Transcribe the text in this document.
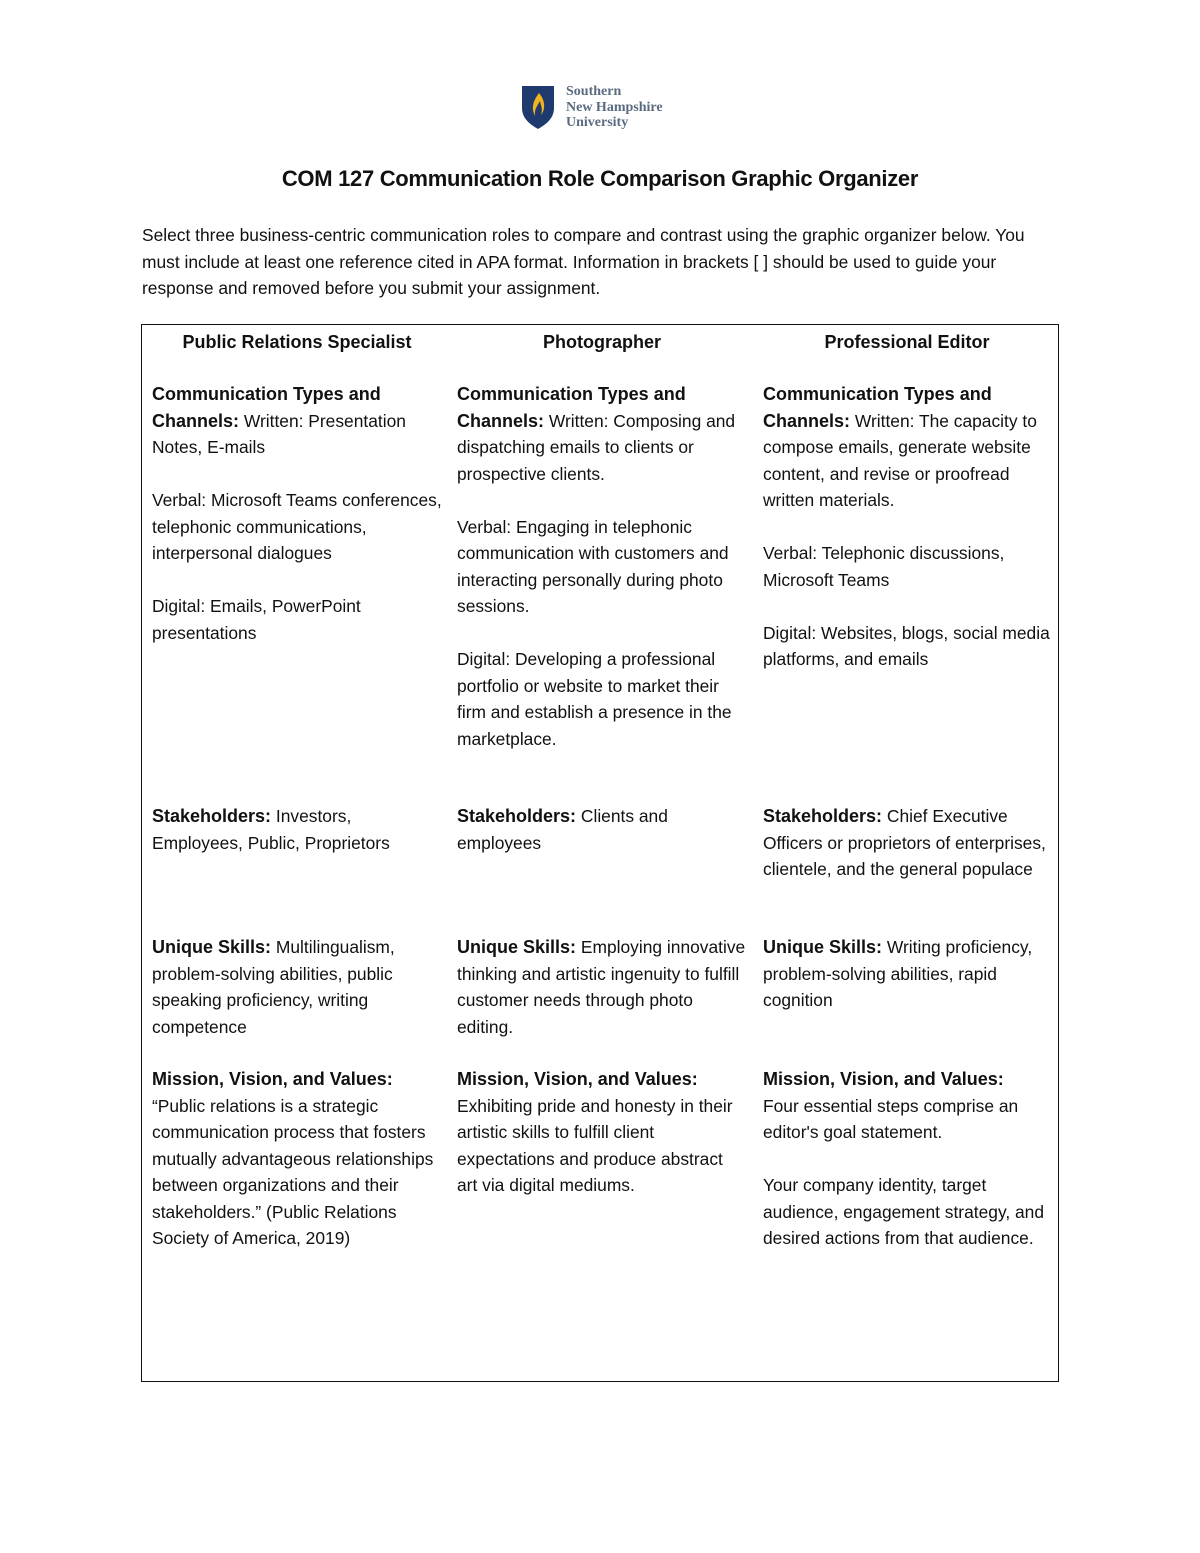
Southern
New Hampshire
University
COM 127 Communication Role Comparison Graphic Organizer

Select three business-centric communication roles to compare and contrast using the graphic organizer below. You must include at least one reference cited in APA format. Information in brackets [ ] should be used to guide your response and removed before you submit your assignment.

Public Relations Specialist

Communication Types and Channels: Written: Presentation Notes, E-mails

Verbal: Microsoft Teams conferences, telephonic communications, interpersonal dialogues

Digital: Emails, PowerPoint presentations

Stakeholders: Investors, Employees, Public, Proprietors

Unique Skills: Multilingualism, problem-solving abilities, public speaking proficiency, writing competence

Mission, Vision, and Values:

“Public relations is a strategic communication process that fosters mutually advantageous relationships between organizations and their stakeholders.” (Public Relations Society of America, 2019)

Photographer

Communication Types and Channels: Written: Composing and dispatching emails to clients or prospective clients.

Verbal: Engaging in telephonic communication with customers and interacting personally during photo sessions.

Digital: Developing a professional portfolio or website to market their firm and establish a presence in the marketplace.

Stakeholders: Clients and employees

Unique Skills: Employing innovative thinking and artistic ingenuity to fulfill customer needs through photo editing.

Mission, Vision, and Values:

Exhibiting pride and honesty in their artistic skills to fulfill client expectations and produce abstract art via digital mediums.

Professional Editor

Communication Types and Channels: Written: The capacity to compose emails, generate website content, and revise or proofread written materials.

Verbal: Telephonic discussions, Microsoft Teams

Digital: Websites, blogs, social media platforms, and emails

Stakeholders: Chief Executive Officers or proprietors of enterprises, clientele, and the general populace

Unique Skills: Writing proficiency, problem-solving abilities, rapid cognition

Mission, Vision, and Values:

Four essential steps comprise an editor's goal statement.

Your company identity, target audience, engagement strategy, and desired actions from that audience.
